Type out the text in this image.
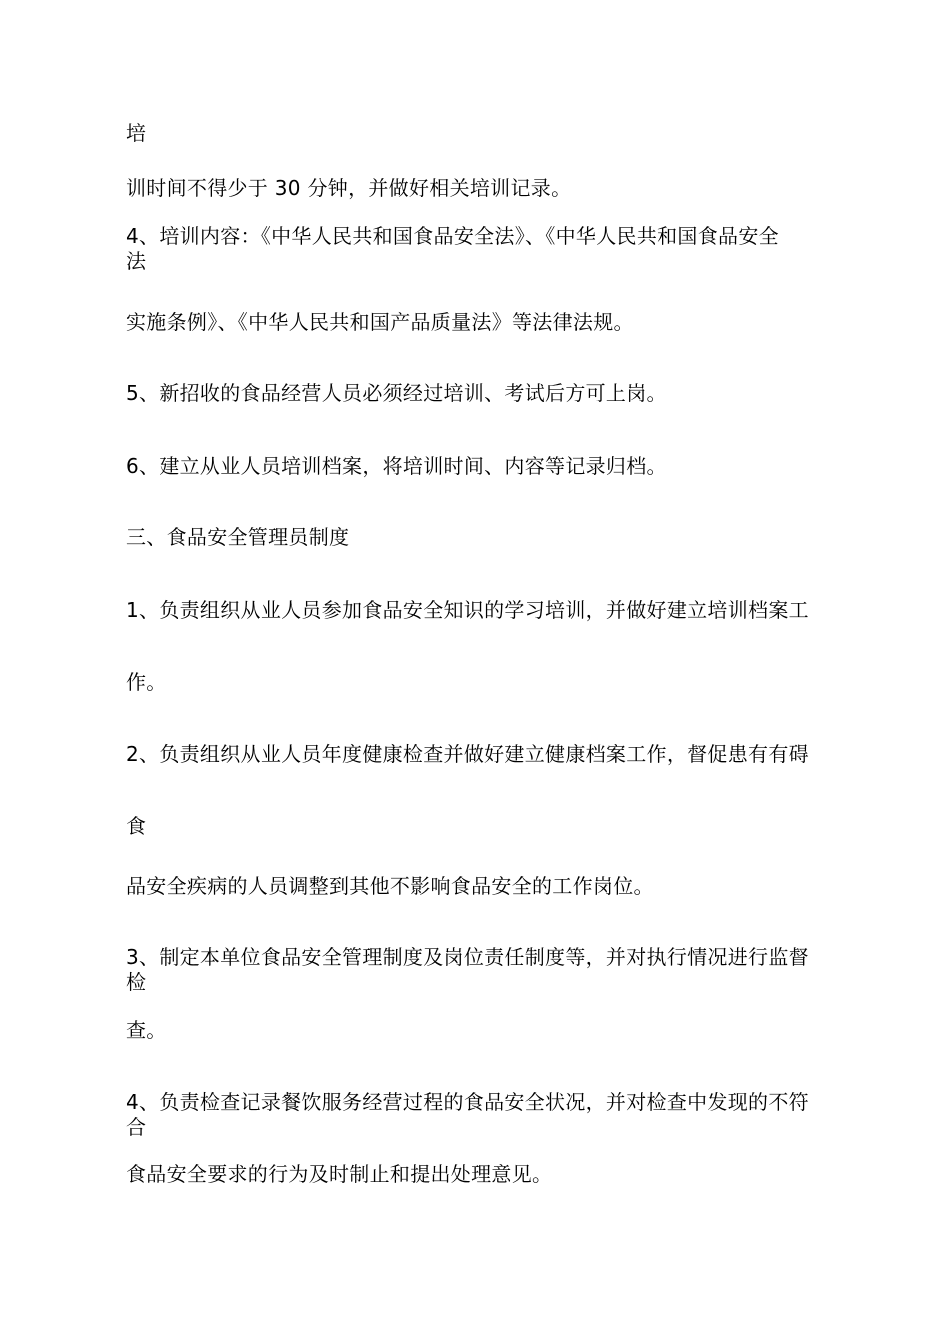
培
训时间不得少于 30 分钟，并做好相关培训记录。
4、培训内容：《中华人民共和国食品安全法》、《中华人民共和国食品安全
法
实施条例》、《中华人民共和国产品质量法》等法律法规。
5、新招收的食品经营人员必须经过培训、考试后方可上岗。
6、建立从业人员培训档案，将培训时间、内容等记录归档。
三、食品安全管理员制度
1、负责组织从业人员参加食品安全知识的学习培训，并做好建立培训档案工
作。
2、负责组织从业人员年度健康检查并做好建立健康档案工作，督促患有有碍
食
品安全疾病的人员调整到其他不影响食品安全的工作岗位。
3、制定本单位食品安全管理制度及岗位责任制度等，并对执行情况进行监督
检
查。
4、负责检查记录餐饮服务经营过程的食品安全状况，并对检查中发现的不符
合
食品安全要求的行为及时制止和提出处理意见。
